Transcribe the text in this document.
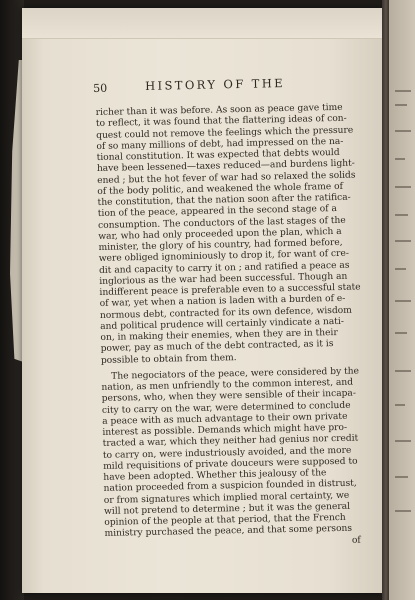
50	HISTORY OF THE
richer than it was before. As soon as peace gave time
to reflect, it was found that the flattering ideas of con-
quest could not remove the feelings which the pressure
of so many millions of debt, had impressed on the na-
tional constitution. It was expected that debts would
have been lessened—taxes reduced—and burdens light-
ened ; but the hot fever of war had so relaxed the solids
of the body politic, and weakened the whole frame of
the constitution, that the nation soon after the ratifica-
tion of the peace, appeared in the second stage of a
consumption. The conductors of the last stages of the
war, who had only proceeded upon the plan, which a
minister, the glory of his country, had formed before,
were obliged ignominiously to drop it, for want of cre-
dit and capacity to carry it on ; and ratified a peace as
inglorious as the war had been successful. Though an
indifferent peace is preferable even to a successful state
of war, yet when a nation is laden with a burden of e-
normous debt, contracted for its own defence, wisdom
and political prudence will certainly vindicate a nati-
on, in making their enemies, when they are in their
power, pay as much of the debt contracted, as it is
possible to obtain from them.
The negociators of the peace, were considered by the
nation, as men unfriendly to the common interest, and
persons, who, when they were sensible of their incapa-
city to carry on the war, were determined to conclude
a peace with as much advantage to their own private
interest as possible. Demands which might have pro-
tracted a war, which they neither had genius nor credit
to carry on, were industriously avoided, and the more
mild requisitions of private douceurs were supposed to
have been adopted. Whether this jealousy of the
nation proceeded from a suspicion founded in distrust,
or from signatures which implied moral certainty, we
will not pretend to determine ; but it was the general
opinion of the people at that period, that the French
ministry purchased the peace, and that some persons
of
